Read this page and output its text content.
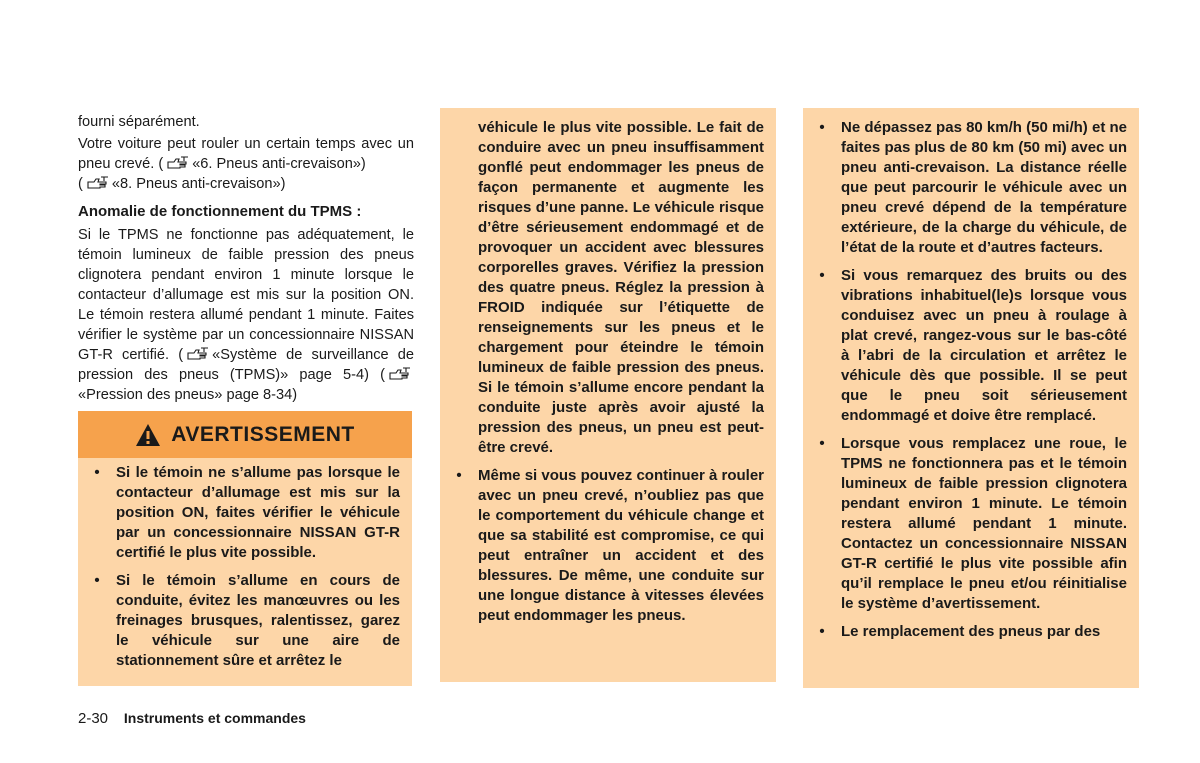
fourni séparément.

Votre voiture peut rouler un certain temps avec un pneu crevé. ( «6. Pneus anti-crevaison»)
( «8. Pneus anti-crevaison»)

Anomalie de fonctionnement du TPMS :

Si le TPMS ne fonctionne pas adéquatement, le témoin lumineux de faible pression des pneus clignotera pendant environ 1 minute lorsque le contacteur d’allumage est mis sur la position ON. Le témoin restera allumé pendant 1 minute. Faites vérifier le système par un concessionnaire NISSAN GT-R certifié. ( «Système de surveillance de pression des pneus (TPMS)» page 5-4) («Pression des pneus» page 8-34)

AVERTISSEMENT
• Si le témoin ne s’allume pas lorsque le contacteur d’allumage est mis sur la position ON, faites vérifier le véhicule par un concessionnaire NISSAN GT-R certifié le plus vite possible.
• Si le témoin s’allume en cours de conduite, évitez les manœuvres ou les freinages brusques, ralentissez, garez le véhicule sur une aire de stationnement sûre et arrêtez le
véhicule le plus vite possible. Le fait de conduire avec un pneu insuffisamment gonflé peut endommager les pneus de façon permanente et augmente les risques d’une panne. Le véhicule risque d’être sérieusement endommagé et de provoquer un accident avec blessures corporelles graves. Vérifiez la pression des quatre pneus. Réglez la pression à FROID indiquée sur l’étiquette de renseignements sur les pneus et le chargement pour éteindre le témoin lumineux de faible pression des pneus. Si le témoin s’allume encore pendant la conduite juste après avoir ajusté la pression des pneus, un pneu est peut-être crevé.
• Même si vous pouvez continuer à rouler avec un pneu crevé, n’oubliez pas que le comportement du véhicule change et que sa stabilité est compromise, ce qui peut entraîner un accident et des blessures. De même, une conduite sur une longue distance à vitesses élevées peut endommager les pneus.
• Ne dépassez pas 80 km/h (50 mi/h) et ne faites pas plus de 80 km (50 mi) avec un pneu anti-crevaison. La distance réelle que peut parcourir le véhicule avec un pneu crevé dépend de la température extérieure, de la charge du véhicule, de l’état de la route et d’autres facteurs.
• Si vous remarquez des bruits ou des vibrations inhabituel(le)s lorsque vous conduisez avec un pneu à roulage à plat crevé, rangez-vous sur le bas-côté à l’abri de la circulation et arrêtez le véhicule dès que possible. Il se peut que le pneu soit sérieusement endommagé et doive être remplacé.
• Lorsque vous remplacez une roue, le TPMS ne fonctionnera pas et le témoin lumineux de faible pression clignotera pendant environ 1 minute. Le témoin restera allumé pendant 1 minute. Contactez un concessionnaire NISSAN GT-R certifié le plus vite possible afin qu’il remplace le pneu et/ou réinitialise le système d’avertissement.
• Le remplacement des pneus par des
2-30 Instruments et commandes
